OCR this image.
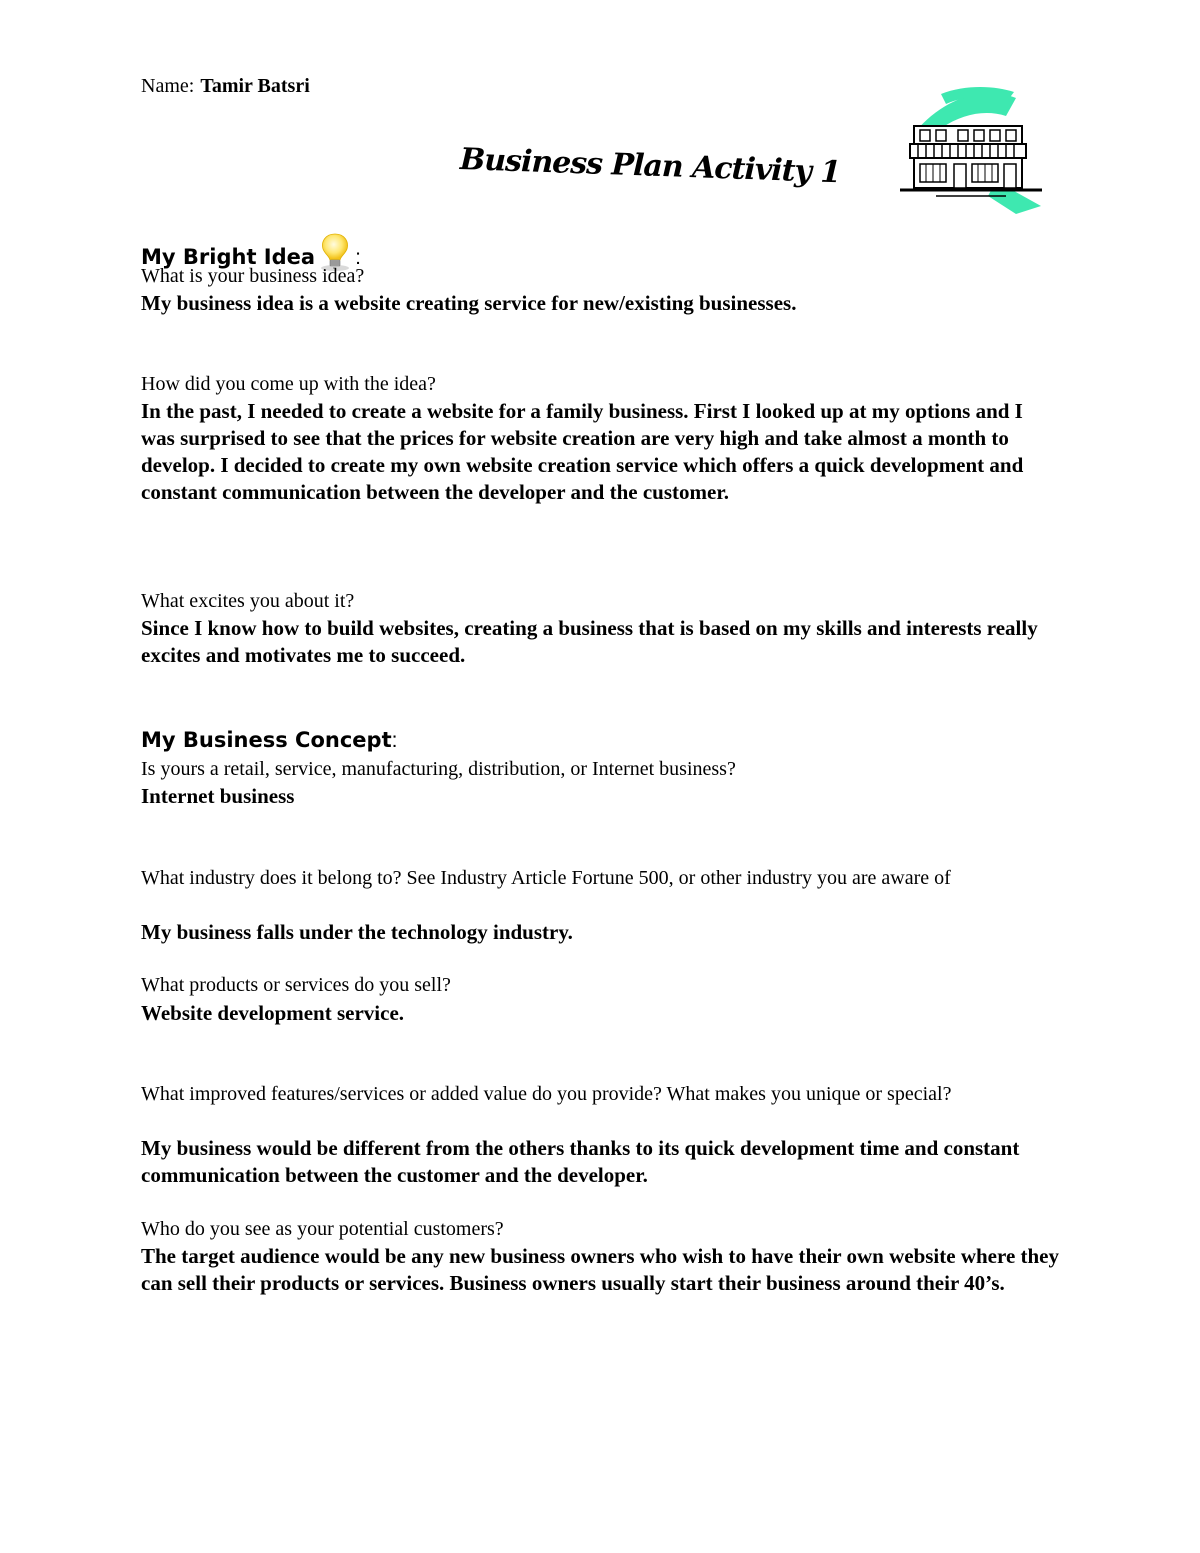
Name: Tamir Batsri
Business Plan Activity 1
My Bright Idea :
What is your business idea?
My business idea is a website creating service for new/existing businesses.
How did you come up with the idea?
In the past, I needed to create a website for a family business. First I looked up at my options and I was surprised to see that the prices for website creation are very high and take almost a month to develop. I decided to create my own website creation service which offers a quick development and constant communication between the developer and the customer.
What excites you about it?
Since I know how to build websites, creating a business that is based on my skills and interests really excites and motivates me to succeed.
My Business Concept:
Is yours a retail, service, manufacturing, distribution, or Internet business?
Internet business
What industry does it belong to? See Industry Article Fortune 500, or other industry you are aware of
My business falls under the technology industry.
What products or services do you sell?
Website development service.
What improved features/services or added value do you provide? What makes you unique or special?
My business would be different from the others thanks to its quick development time and constant communication between the customer and the developer.
Who do you see as your potential customers?
The target audience would be any new business owners who wish to have their own website where they can sell their products or services. Business owners usually start their business around their 40’s.
